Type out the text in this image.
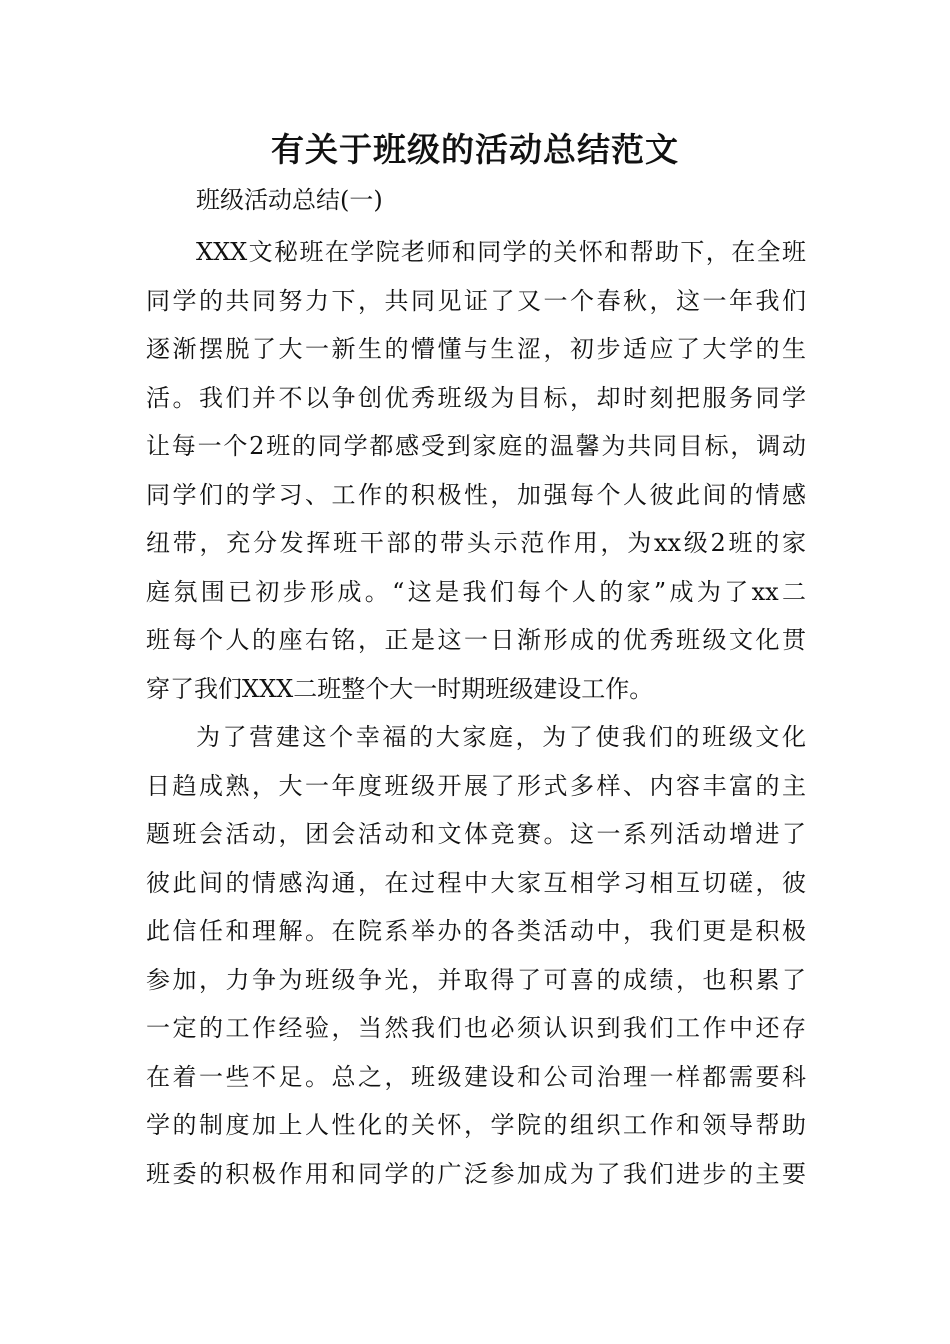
有关于班级的活动总结范文
班级活动总结(一)
XXX文秘班在学院老师和同学的关怀和帮助下，在全班
同学的共同努力下，共同见证了又一个春秋，这一年我们
逐渐摆脱了大一新生的懵懂与生涩，初步适应了大学的生
活。我们并不以争创优秀班级为目标，却时刻把服务同学
让每一个2班的同学都感受到家庭的温馨为共同目标，调动
同学们的学习、工作的积极性，加强每个人彼此间的情感
纽带，充分发挥班干部的带头示范作用，为xx级2班的家
庭氛围已初步形成。“这是我们每个人的家”成为了xx二
班每个人的座右铭，正是这一日渐形成的优秀班级文化贯
穿了我们XXX二班整个大一时期班级建设工作。
为了营建这个幸福的大家庭，为了使我们的班级文化
日趋成熟，大一年度班级开展了形式多样、内容丰富的主
题班会活动，团会活动和文体竞赛。这一系列活动增进了
彼此间的情感沟通，在过程中大家互相学习相互切磋，彼
此信任和理解。在院系举办的各类活动中，我们更是积极
参加，力争为班级争光，并取得了可喜的成绩，也积累了
一定的工作经验，当然我们也必须认识到我们工作中还存
在着一些不足。总之，班级建设和公司治理一样都需要科
学的制度加上人性化的关怀，学院的组织工作和领导帮助
班委的积极作用和同学的广泛参加成为了我们进步的主要
